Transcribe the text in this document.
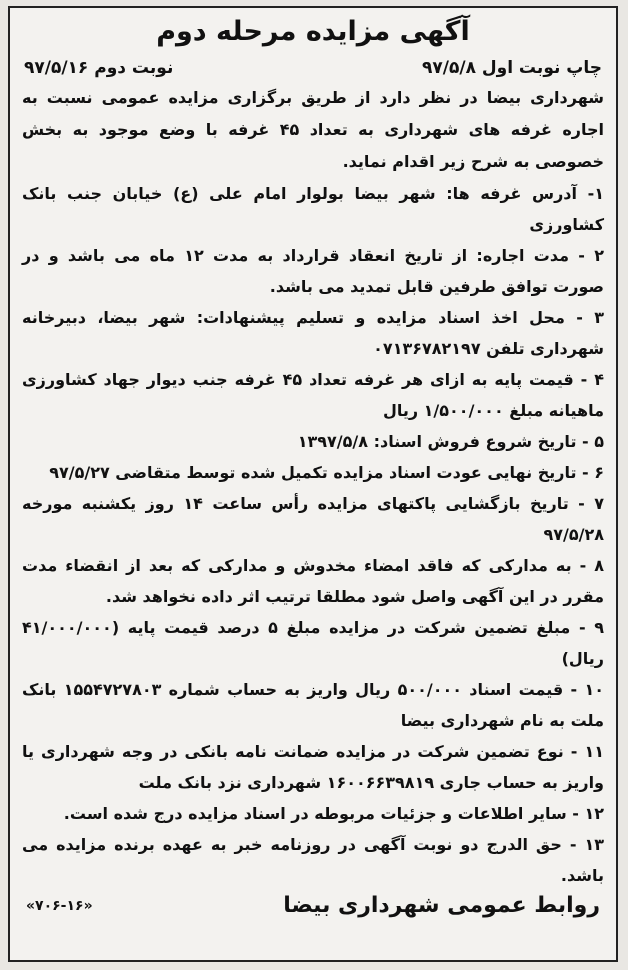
آگهی مزایده مرحله دوم
چاپ نوبت اول ۹۷/۵/۸
نوبت دوم ۹۷/۵/۱۶

شهرداری بیضا در نظر دارد از طریق برگزاری مزایده عمومی نسبت به اجاره غرفه های شهرداری به تعداد ۴۵ غرفه با وضع موجود به بخش خصوصی به شرح زیر اقدام نماید.

۱- آدرس غرفه ها: شهر بیضا بولوار امام علی (ع) خیابان جنب بانک کشاورزی

۲ - مدت اجاره: از تاریخ انعقاد قرارداد به مدت ۱۲ ماه می باشد و در صورت توافق طرفین قابل تمدید می باشد.

۳ - محل اخذ اسناد مزایده و تسلیم پیشنهادات: شهر بیضا، دبیرخانه شهرداری تلفن ۰۷۱۳۶۷۸۲۱۹۷

۴ - قیمت پایه به ازای هر غرفه تعداد ۴۵ غرفه جنب دیوار جهاد کشاورزی ماهیانه مبلغ ۱/۵۰۰/۰۰۰ ریال

۵ - تاریخ شروع فروش اسناد: ۱۳۹۷/۵/۸

۶ - تاریخ نهایی عودت اسناد مزایده تکمیل شده توسط متقاضی ۹۷/۵/۲۷

۷ - تاریخ بازگشایی پاکتهای مزایده رأس ساعت ۱۴ روز یکشنبه مورخه ۹۷/۵/۲۸

۸ - به مدارکی که فاقد امضاء مخدوش و مدارکی که بعد از انقضاء مدت مقرر در این آگهی واصل شود مطلقا ترتیب اثر داده نخواهد شد.

۹ - مبلغ تضمین شرکت در مزایده مبلغ ۵ درصد قیمت پایه (۴۱/۰۰۰/۰۰۰ ریال)

۱۰ - قیمت اسناد ۵۰۰/۰۰۰ ریال واریز به حساب شماره ۱۵۵۴۷۲۷۸۰۳ بانک ملت به نام شهرداری بیضا

۱۱ - نوع تضمین شرکت در مزایده ضمانت نامه بانکی در وجه شهرداری یا واریز به حساب جاری ۱۶۰۰۶۶۳۹۸۱۹ شهرداری نزد بانک ملت

۱۲ - سایر اطلاعات و جزئیات مربوطه در اسناد مزایده درج شده است.

۱۳ - حق الدرج دو نوبت آگهی در روزنامه خبر به عهده برنده مزایده می باشد.

روابط عمومی شهرداری بیضا
«۷۰۶-۱۶»
